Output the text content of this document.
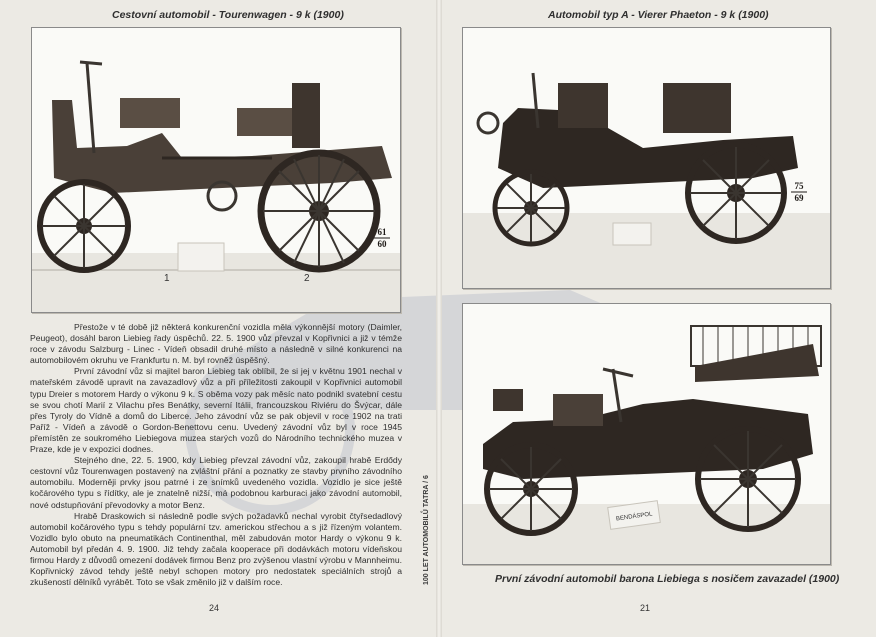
Cestovní automobil - Tourenwagen - 9 k (1900)
61
60
1	2

Přestože v té době již některá konkurenční vozidla měla výkonnější motory (Daimler, Peugeot), dosáhl baron Liebieg řady úspěchů. 22. 5. 1900 vůz převzal v Kopřivnici a již v témže roce v závodu Salzburg - Linec - Vídeň obsadil druhé místo a následně v silné konkurenci na automobilovém okruhu ve Frankfurtu n. M. byl rovněž úspěšný.

První závodní vůz si majitel baron Liebieg tak oblíbil, že si jej v květnu 1901 nechal v mateřském závodě upravit na zavazadlový vůz a při příležitosti zakoupil v Kopřivnici automobil typu Dreier s motorem Hardy o výkonu 9 k. S oběma vozy pak měsíc nato podnikl svatební cestu se svou chotí Marií z Vilachu přes Benátky, severní Itálii, francouzskou Riviéru do Švýcar, dále přes Tyroly do Vídně a domů do Liberce. Jeho závodní vůz se pak objevil v roce 1902 na trati Paříž - Vídeň a závodě o Gordon-Benettovu cenu. Uvedený závodní vůz byl v roce 1945 přemístěn ze soukromého Liebiegova muzea starých vozů do Národního technického muzea v Praze, kde je v expozici dodnes.

Stejného dne, 22. 5. 1900, kdy Liebieg převzal závodní vůz, zakoupil hrabě Erdődy cestovní vůz Tourenwagen postavený na zvláštní přání a poznatky ze stavby prvního závodního automobilu. Moderněji prvky jsou patrné i ze snímků uvedeného vozidla. Vozidlo je sice ještě kočárového typu s řídítky, ale je znatelně nižší, má podobnou karburaci jako závodní automobil, nové odstupňování převodovky a motor Benz.

Hrabě Draskowich si následně podle svých požadavků nechal vyrobit čtyřsedadlový automobil kočárového typu s tehdy populární tzv. americkou střechou a s již řízeným volantem. Vozidlo bylo obuto na pneumatikách Continenthal, měl zabudován motor Hardy o výkonu 9 k. Automobil byl předán 4. 9. 1900. Již tehdy začala kooperace při dodávkách motoru vídeňskou firmou Hardy z důvodů omezení dodávek firmou Benz pro zvýšenou vlastní výrobu v Mannheimu. Kopřivnický závod tehdy ještě nebyl schopen motory pro nedostatek speciálních strojů a zkušeností dělníků vyrábět. Toto se však změnilo již v dalším roce.	100 LET AUTOMOBILŮ TATRA / 6
24
Automobil typ A - Vierer Phaeton - 9 k (1900)
75
69
BENDÁSPOL
První závodní automobil barona Liebiega s nosičem zavazadel (1900)
21
